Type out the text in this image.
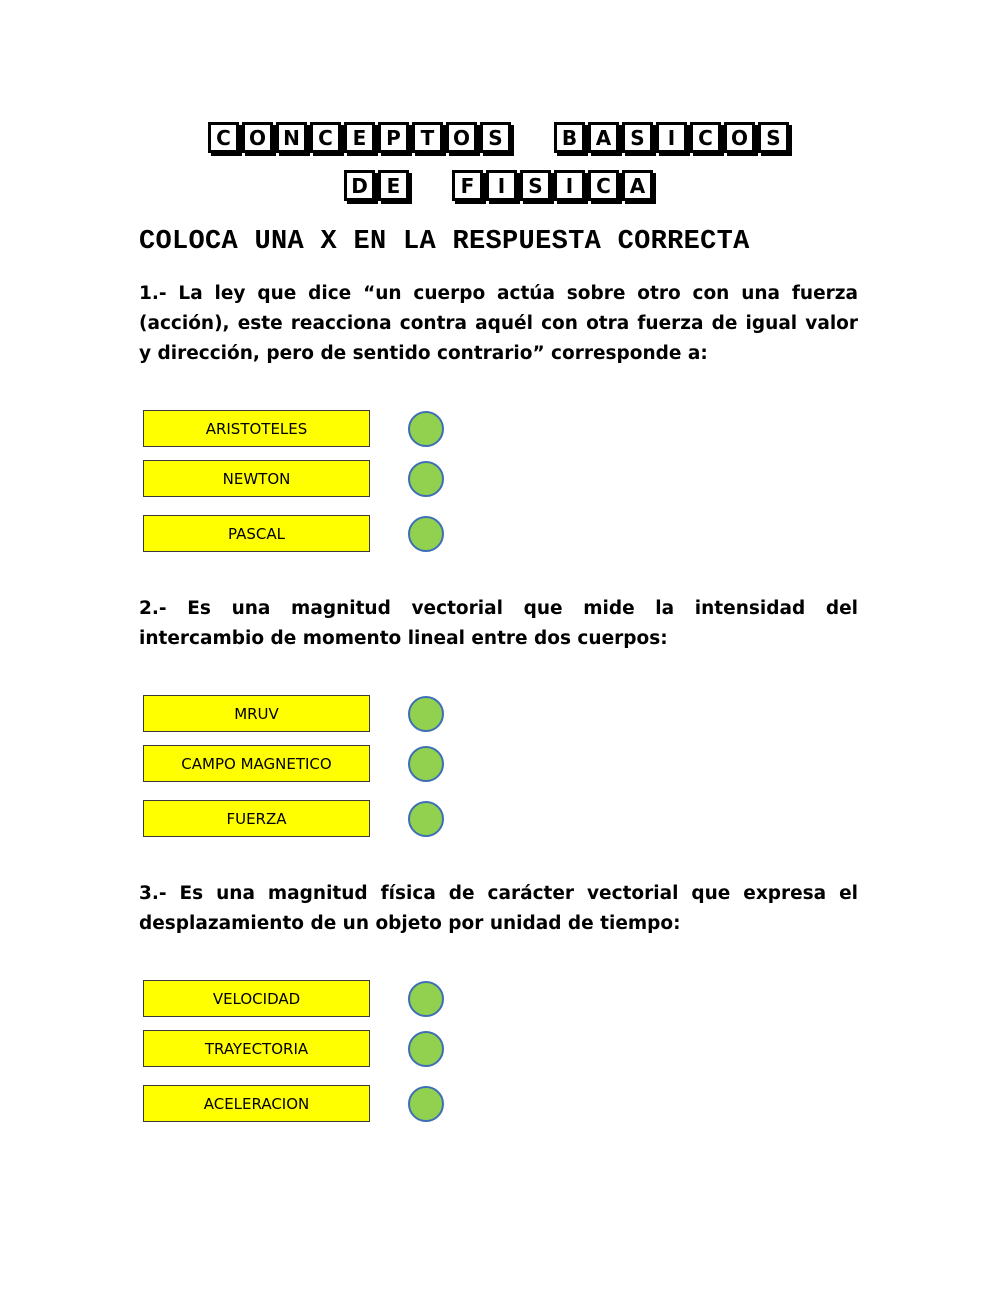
C O N C E P T O S	B A S	I	C O S
D E	F	I	S	I	C A
COLOCA UNA X EN LA RESPUESTA CORRECTA
1.- La ley que dice “un cuerpo actúa sobre otro con una fuerza (acción), este reacciona contra aquél con otra fuerza de igual valor y dirección, pero de sentido contrario” corresponde a:
ARISTOTELES
NEWTON
PASCAL
2.- Es una magnitud vectorial que mide la intensidad del intercambio de momento lineal entre dos cuerpos:
MRUV
CAMPO MAGNETICO
FUERZA
3.- Es una magnitud física de carácter vectorial que expresa el desplazamiento de un objeto por unidad de tiempo:
VELOCIDAD
TRAYECTORIA
ACELERACION
